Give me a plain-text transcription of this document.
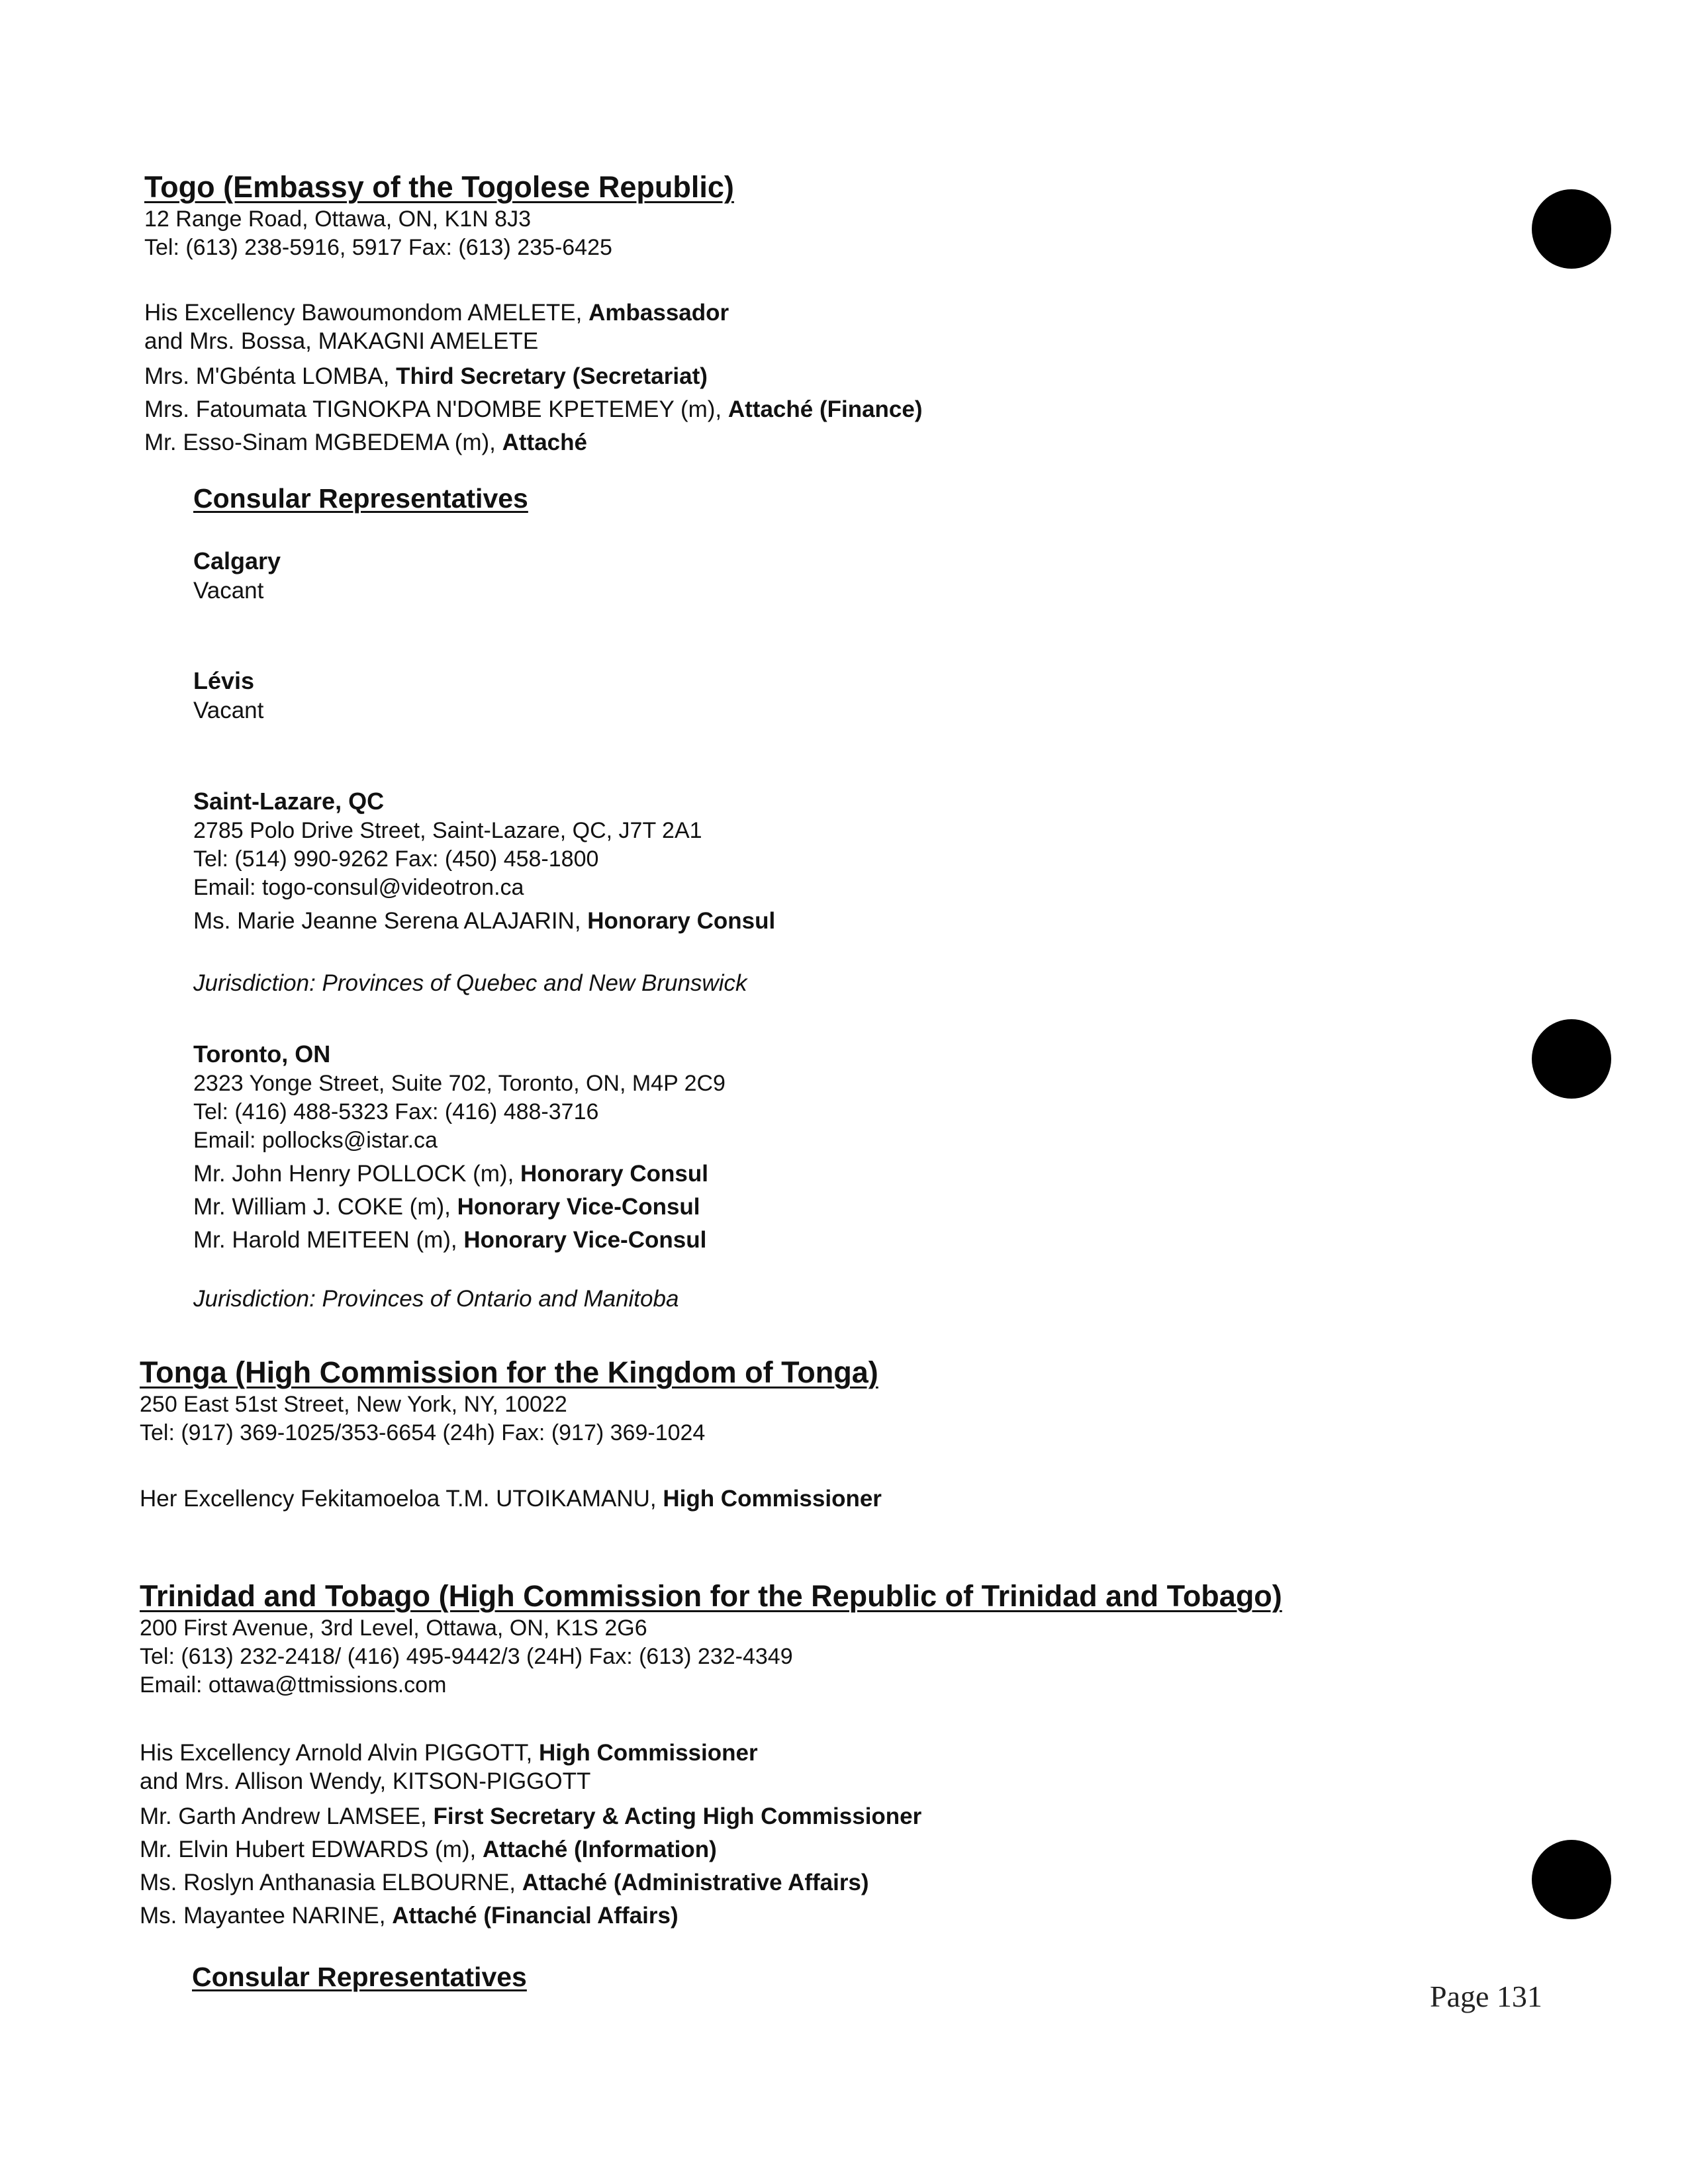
Togo (Embassy of the Togolese Republic)
12 Range Road, Ottawa, ON, K1N 8J3
Tel: (613) 238-5916, 5917 Fax: (613) 235-6425
His Excellency Bawoumondom AMELETE, Ambassador
and Mrs. Bossa, MAKAGNI AMELETE
Mrs. M'Gbénta LOMBA, Third Secretary (Secretariat)
Mrs. Fatoumata TIGNOKPA N'DOMBE KPETEMEY (m), Attaché (Finance)
Mr. Esso-Sinam MGBEDEMA (m), Attaché
Consular Representatives
Calgary
Vacant
Lévis
Vacant
Saint-Lazare, QC
2785 Polo Drive Street, Saint-Lazare, QC, J7T 2A1
Tel: (514) 990-9262 Fax: (450) 458-1800
Email: togo-consul@videotron.ca
Ms. Marie Jeanne Serena ALAJARIN, Honorary Consul
Jurisdiction: Provinces of Quebec and New Brunswick
Toronto, ON
2323 Yonge Street, Suite 702, Toronto, ON, M4P 2C9
Tel: (416) 488-5323 Fax: (416) 488-3716
Email: pollocks@istar.ca
Mr. John Henry POLLOCK (m), Honorary Consul
Mr. William J. COKE (m), Honorary Vice-Consul
Mr. Harold MEITEEN (m), Honorary Vice-Consul
Jurisdiction: Provinces of Ontario and Manitoba
Tonga (High Commission for the Kingdom of Tonga)
250 East 51st Street, New York, NY, 10022
Tel: (917) 369-1025/353-6654 (24h) Fax: (917) 369-1024
Her Excellency Fekitamoeloa T.M. UTOIKAMANU, High Commissioner
Trinidad and Tobago (High Commission for the Republic of Trinidad and Tobago)
200 First Avenue, 3rd Level, Ottawa, ON, K1S 2G6
Tel: (613) 232-2418/ (416) 495-9442/3 (24H) Fax: (613) 232-4349
Email: ottawa@ttmissions.com
His Excellency Arnold Alvin PIGGOTT, High Commissioner
and Mrs. Allison Wendy, KITSON-PIGGOTT
Mr. Garth Andrew LAMSEE, First Secretary & Acting High Commissioner
Mr. Elvin Hubert EDWARDS (m), Attaché (Information)
Ms. Roslyn Anthanasia ELBOURNE, Attaché (Administrative Affairs)
Ms. Mayantee NARINE, Attaché (Financial Affairs)
Consular Representatives
Page 131
